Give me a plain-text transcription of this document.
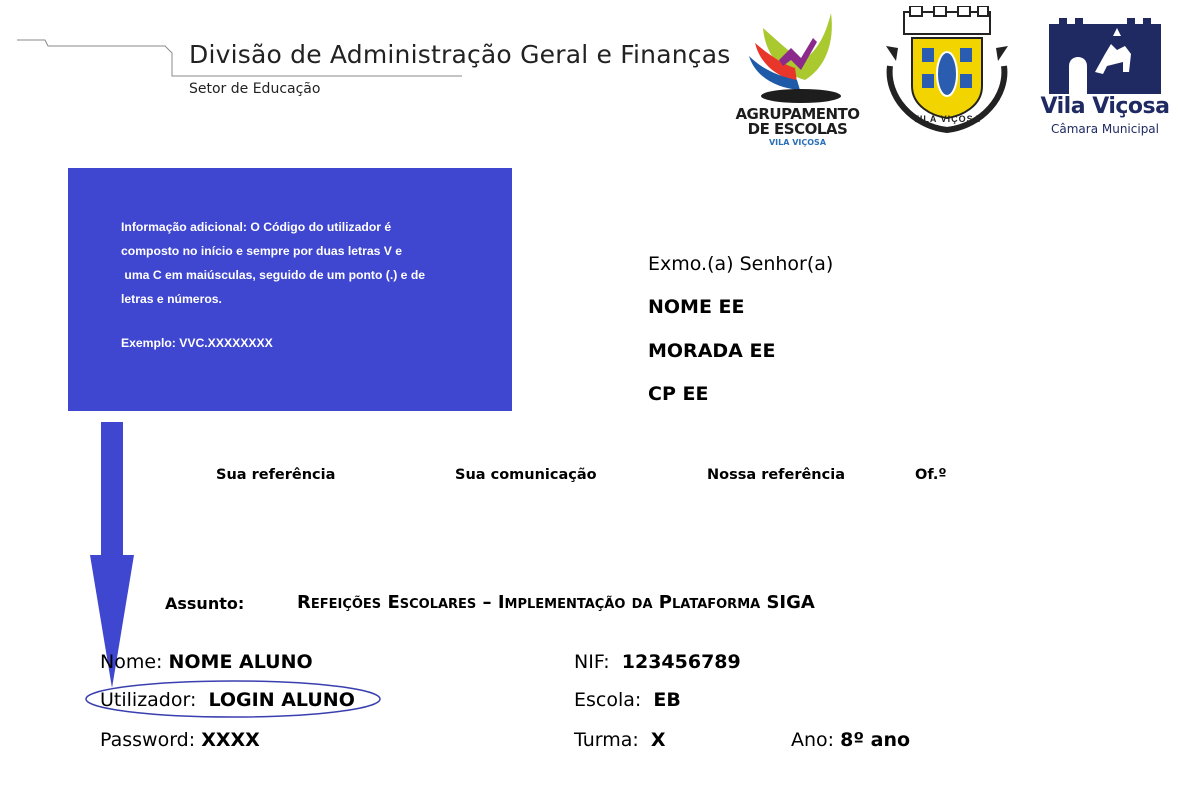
Divisão de Administração Geral e Finanças
Setor de Educação
AGRUPAMENTO
DE ESCOLAS
VILA VIÇOSA
VILA VIÇOSA	Vila Viçosa
Câmara Municipal

Informação adicional: O Código do utilizador é

composto no início e sempre por duas letras V e

uma C em maiúsculas, seguido de um ponto (.) e de

letras e números.

Exemplo: VVC.XXXXXXXX

Exmo.(a) Senhor(a)
NOME EE
MORADA EE
CP EE
Sua referência	Sua comunicação	Nossa referência	Of.º
Assunto:	Refeições Escolares – Implementação da Plataforma SIGA
Nome: NOME ALUNO
Utilizador: LOGIN ALUNO
Password: XXXX
NIF: 123456789
Escola: EB
Turma: X	Ano: 8º ano
